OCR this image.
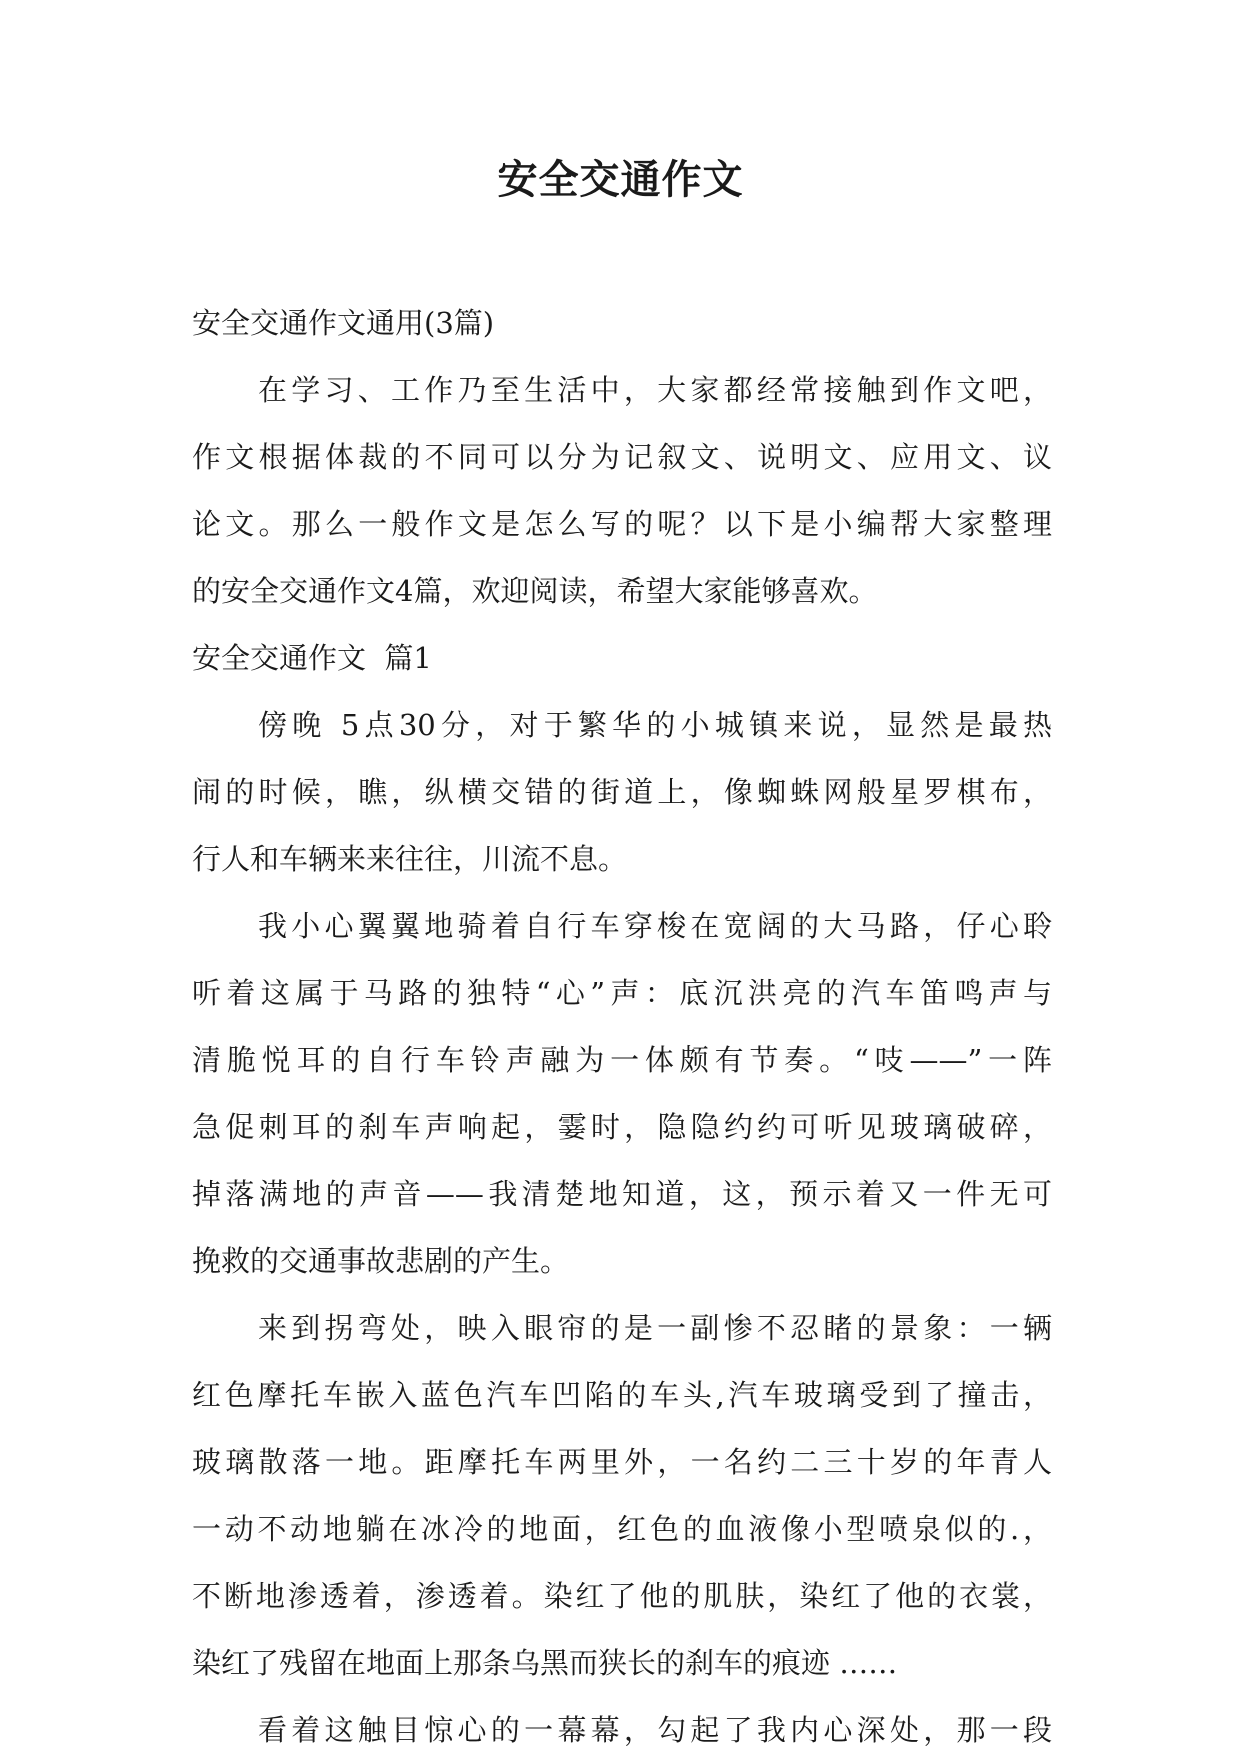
安全交通作文
安全交通作文通用(3篇)
在学习、工作乃至生活中，大家都经常接触到作文吧，
作文根据体裁的不同可以分为记叙文、说明文、应用文、议
论文。那么一般作文是怎么写的呢？以下是小编帮大家整理
的安全交通作文4篇，欢迎阅读，希望大家能够喜欢。
安全交通作文  篇1
傍晚 5点30分，对于繁华的小城镇来说，显然是最热
闹的时候，瞧，纵横交错的街道上，像蜘蛛网般星罗棋布，
行人和车辆来来往往，川流不息。
我小心翼翼地骑着自行车穿梭在宽阔的大马路，仔心聆
听着这属于马路的独特“心”声：底沉洪亮的汽车笛鸣声与
清脆悦耳的自行车铃声融为一体颇有节奏。“吱——”一阵
急促刺耳的刹车声响起，霎时，隐隐约约可听见玻璃破碎，
掉落满地的声音——我清楚地知道，这，预示着又一件无可
挽救的交通事故悲剧的产生。
来到拐弯处，映入眼帘的是一副惨不忍睹的景象：一辆
红色摩托车嵌入蓝色汽车凹陷的车头,汽车玻璃受到了撞击，
玻璃散落一地。距摩托车两里外，一名约二三十岁的年青人
一动不动地躺在冰冷的地面，红色的血液像小型喷泉似的.，
不断地渗透着，渗透着。染红了他的肌肤，染红了他的衣裳，
染红了残留在地面上那条乌黑而狭长的刹车的痕迹 ……
看着这触目惊心的一幕幕，勾起了我内心深处，那一段
